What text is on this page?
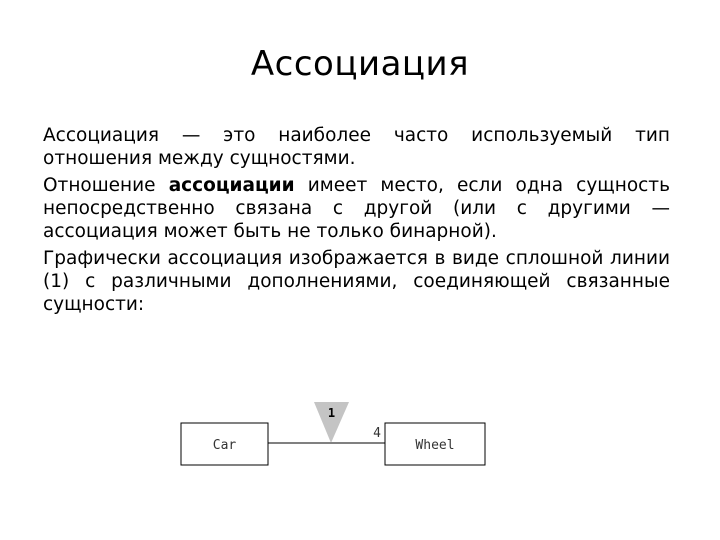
Ассоциация

Ассоциация — это наиболее часто используемый тип отношения между сущностями.

Отношение ассоциации имеет место, если одна сущность непосредственно связана с другой (или с другими — ассоциация может быть не только бинарной).

Графически ассоциация изображается в виде сплошной линии (1) с различными дополнениями, соединяющей связанные сущности:

Car
1
4
Wheel
